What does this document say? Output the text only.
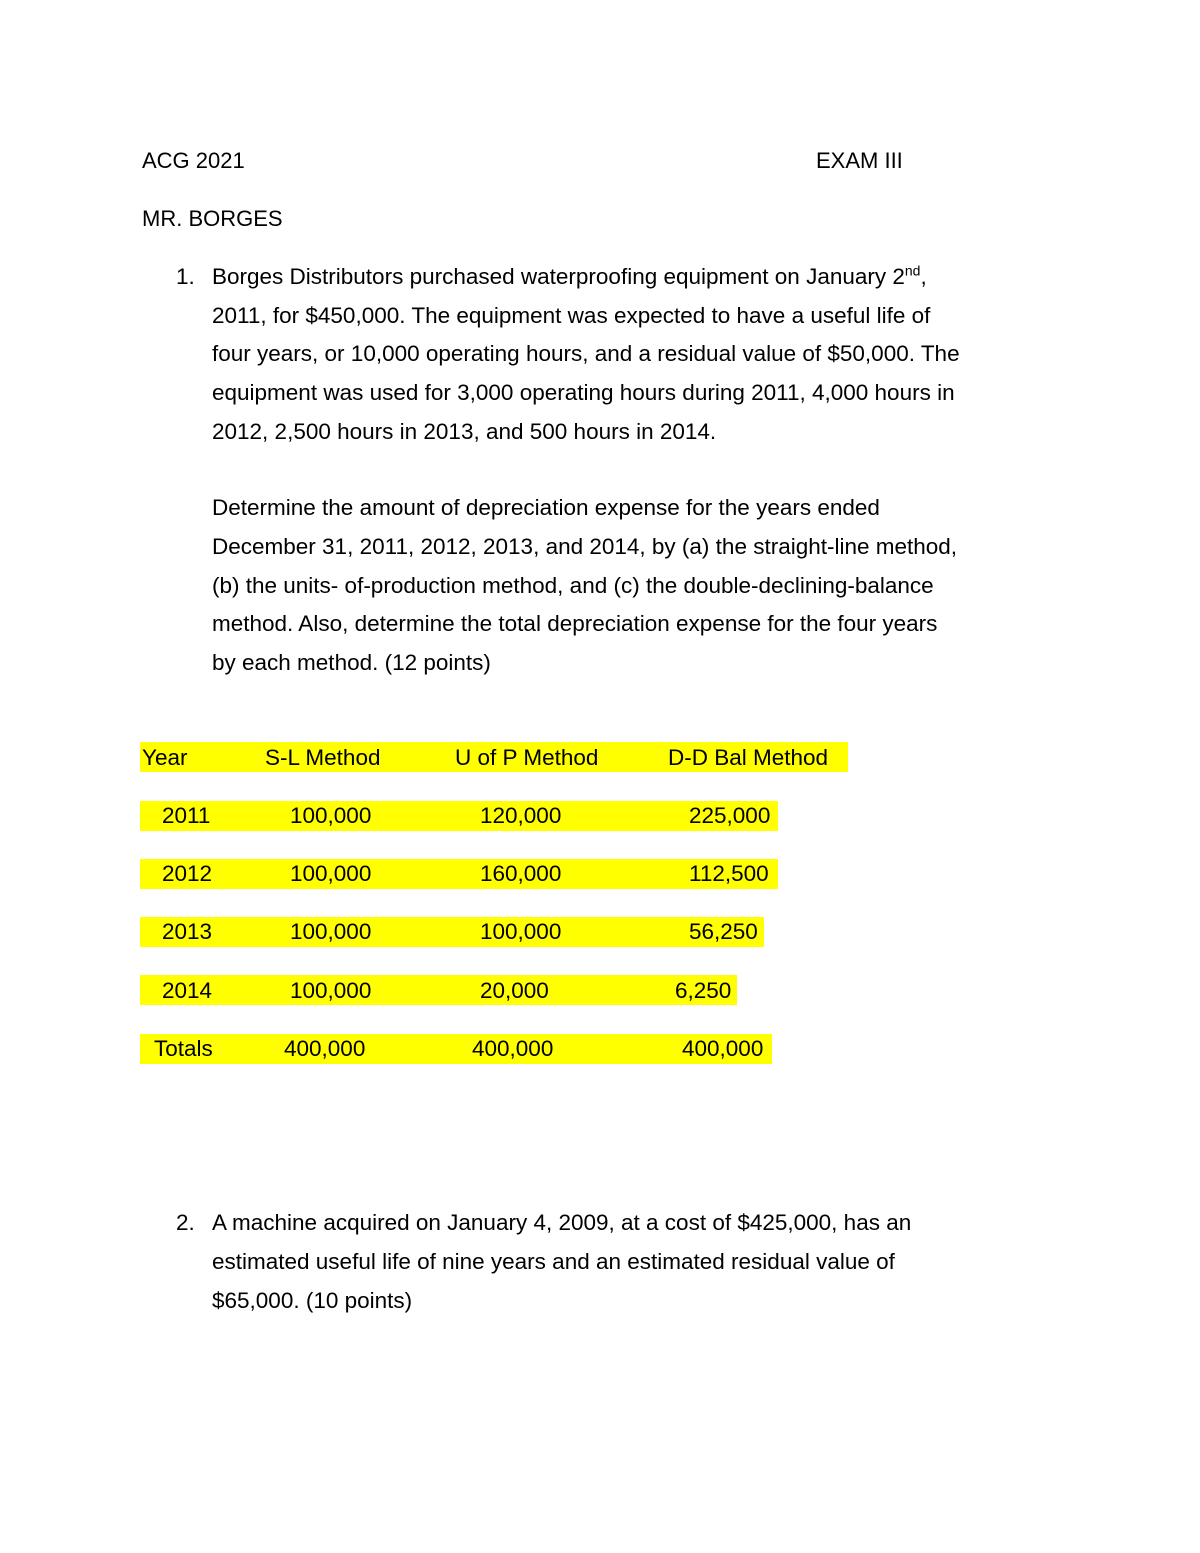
ACG 2021	EXAM III
MR. BORGES
1. Borges Distributors purchased waterproofing equipment on January 2nd,
2011, for $450,000. The equipment was expected to have a useful life of
four years, or 10,000 operating hours, and a residual value of $50,000. The
equipment was used for 3,000 operating hours during 2011, 4,000 hours in
2012, 2,500 hours in 2013, and 500 hours in 2014.
Determine the amount of depreciation expense for the years ended
December 31, 2011, 2012, 2013, and 2014, by (a) the straight-line method,
(b) the units- of-production method, and (c) the double-declining-balance
method. Also, determine the total depreciation expense for the four years
by each method. (12 points)
Year	S-L Method	U of P Method	D-D Bal Method
2011	100,000	120,000	225,000
2012	100,000	160,000	112,500
2013	100,000	100,000	56,250
2014	100,000	20,000	6,250
Totals	400,000	400,000	400,000
2. A machine acquired on January 4, 2009, at a cost of $425,000, has an
estimated useful life of nine years and an estimated residual value of
$65,000. (10 points)
